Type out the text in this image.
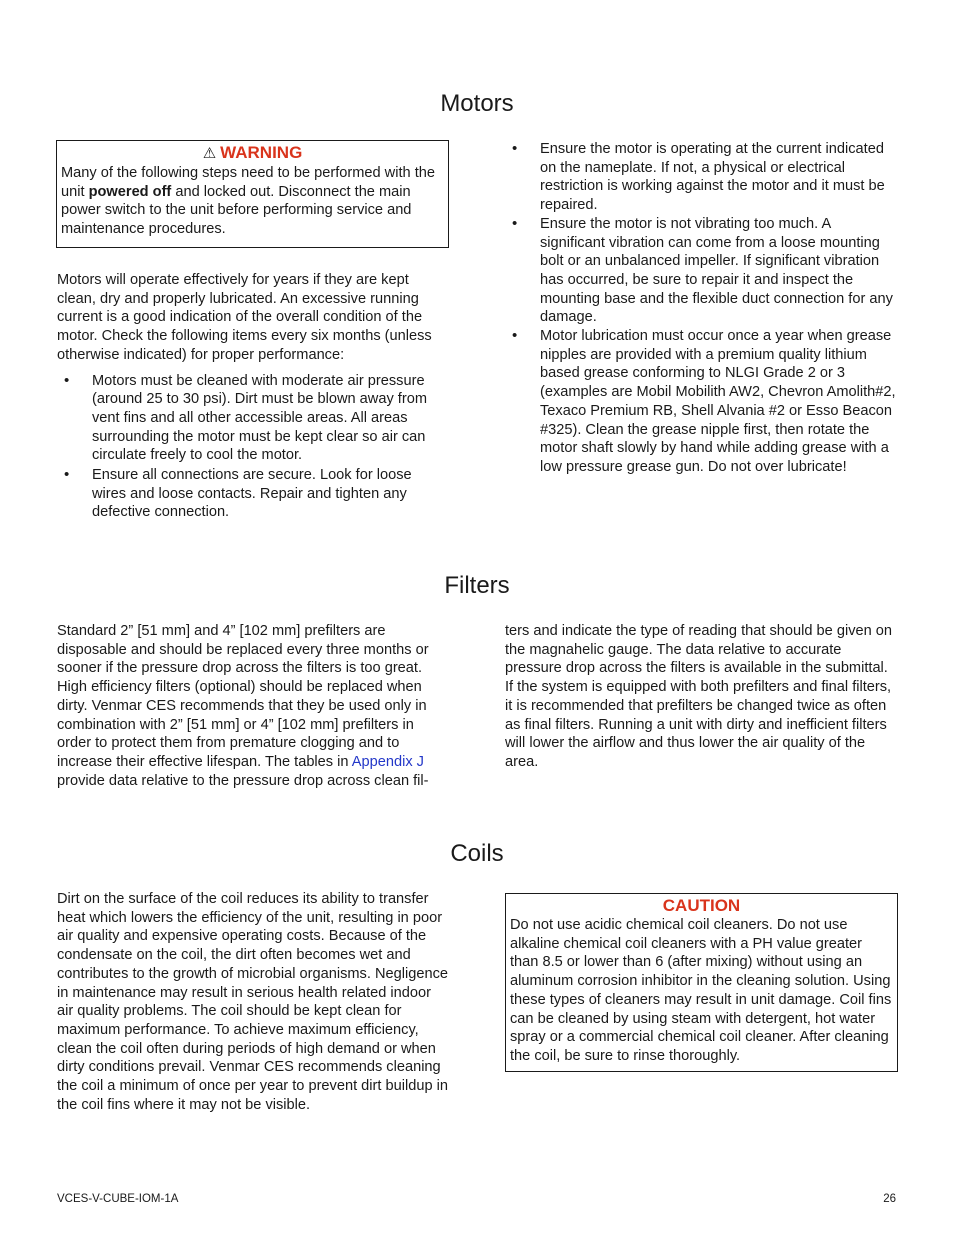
Motors
⚠ WARNING

Many of the following steps need to be performed with the unit powered off and locked out. Disconnect the main power switch to the unit before performing service and maintenance procedures.

Motors will operate effectively for years if they are kept clean, dry and properly lubricated. An excessive running current is a good indication of the overall condition of the motor. Check the following items every six months (unless otherwise indicated) for proper performance:

• Motors must be cleaned with moderate air pressure (around 25 to 30 psi). Dirt must be blown away from vent fins and all other accessible areas. All areas surrounding the motor must be kept clear so air can circulate freely to cool the motor.
• Ensure all connections are secure. Look for loose wires and loose contacts. Repair and tighten any defective connection.
• Ensure the motor is operating at the current indicated on the nameplate. If not, a physical or electrical restriction is working against the motor and it must be repaired.
• Ensure the motor is not vibrating too much. A significant vibration can come from a loose mounting bolt or an unbalanced impeller. If significant vibration has occurred, be sure to repair it and inspect the mounting base and the flexible duct connection for any damage.
• Motor lubrication must occur once a year when grease nipples are provided with a premium quality lithium based grease conforming to NLGI Grade 2 or 3 (examples are Mobil Mobilith AW2, Chevron Amolith#2, Texaco Premium RB, Shell Alvania #2 or Esso Beacon #325). Clean the grease nipple first, then rotate the motor shaft slowly by hand while adding grease with a low pressure grease gun. Do not over lubricate!
Filters

Standard 2” [51 mm] and 4” [102 mm] prefilters are disposable and should be replaced every three months or sooner if the pressure drop across the filters is too great. High efficiency filters (optional) should be replaced when dirty. Venmar CES recommends that they be used only in combination with 2” [51 mm] or 4” [102 mm] prefilters in order to protect them from premature clogging and to increase their effective lifespan. The tables in Appendix J provide data relative to the pressure drop across clean fil-

ters and indicate the type of reading that should be given on the magnahelic gauge. The data relative to accurate pressure drop across the filters is available in the submittal. If the system is equipped with both prefilters and final filters, it is recommended that prefilters be changed twice as often as final filters. Running a unit with dirty and inefficient filters will lower the airflow and thus lower the air quality of the area.

Coils

Dirt on the surface of the coil reduces its ability to transfer heat which lowers the efficiency of the unit, resulting in poor air quality and expensive operating costs. Because of the condensate on the coil, the dirt often becomes wet and contributes to the growth of microbial organisms. Negligence in maintenance may result in serious health related indoor air quality problems. The coil should be kept clean for maximum performance. To achieve maximum efficiency, clean the coil often during periods of high demand or when dirty conditions prevail. Venmar CES recommends cleaning the coil a minimum of once per year to prevent dirt buildup in the coil fins where it may not be visible.

CAUTION

Do not use acidic chemical coil cleaners. Do not use alkaline chemical coil cleaners with a PH value greater than 8.5 or lower than 6 (after mixing) without using an aluminum corrosion inhibitor in the cleaning solution. Using these types of cleaners may result in unit damage. Coil fins can be cleaned by using steam with detergent, hot water spray or a commercial chemical coil cleaner. After cleaning the coil, be sure to rinse thoroughly.

VCES-V-CUBE-IOM-1A	26
